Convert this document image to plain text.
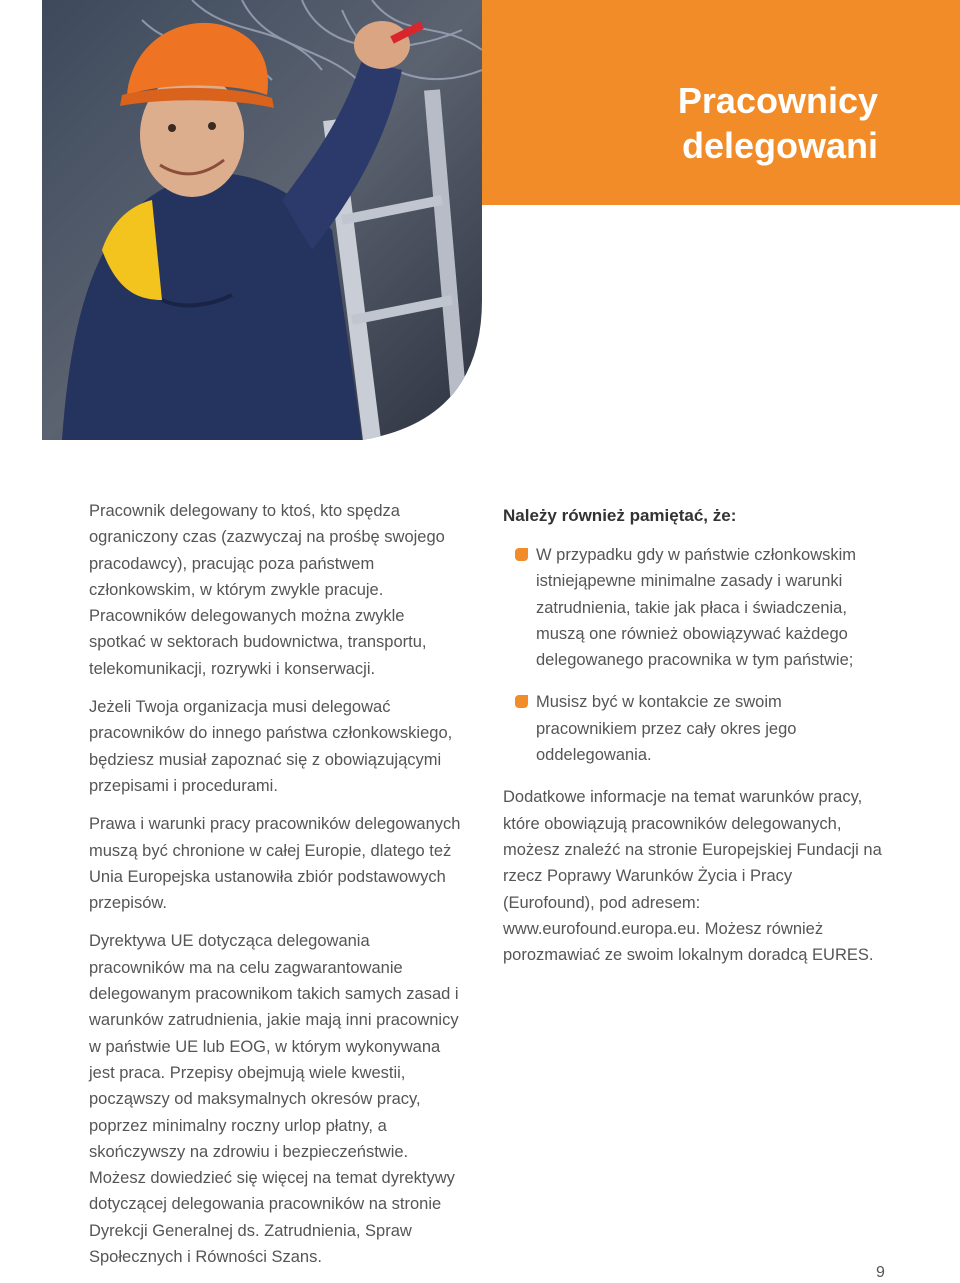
Pracownicy
delegowani

Pracownik delegowany to ktoś, kto spędza ograniczony czas (zazwyczaj na prośbę swojego pracodawcy), pracując poza państwem członkowskim, w którym zwykle pracuje. Pracowników delegowanych można zwykle spotkać w sektorach budownictwa, transportu, telekomunikacji, rozrywki i konserwacji.

Jeżeli Twoja organizacja musi delegować pracowników do innego państwa członkowskiego, będziesz musiał zapoznać się z obowiązującymi przepisami i procedurami.

Prawa i warunki pracy pracowników delegowanych muszą być chronione w całej Europie, dlatego też Unia Europejska ustanowiła zbiór podstawowych przepisów.

Dyrektywa UE dotycząca delegowania pracowników ma na celu zagwarantowanie delegowanym pracownikom takich samych zasad i warunków zatrudnienia, jakie mają inni pracownicy w państwie UE lub EOG, w którym wykonywana jest praca. Przepisy obejmują wiele kwestii, począwszy od maksymalnych okresów pracy, poprzez minimalny roczny urlop płatny, a skończywszy na zdrowiu i bezpieczeństwie. Możesz dowiedzieć się więcej na temat dyrektywy dotyczącej delegowania pracowników na stronie Dyrekcji Generalnej ds. Zatrudnienia, Spraw Społecznych i Równości Szans.

Należy również pamiętać, że:
W przypadku gdy w państwie członkowskim istniejąpewne minimalne zasady i warunki zatrudnienia, takie jak płaca i świadczenia, muszą one również obowiązywać każdego delegowanego pracownika w tym państwie;
Musisz być w kontakcie ze swoim pracownikiem przez cały okres jego oddelegowania.

Dodatkowe informacje na temat warunków pracy, które obowiązują pracowników delegowanych, możesz znaleźć na stronie Europejskiej Fundacji na rzecz Poprawy Warunków Życia i Pracy (Eurofound), pod adresem: www.eurofound.europa.eu. Możesz również porozmawiać ze swoim lokalnym doradcą EURES.

9
